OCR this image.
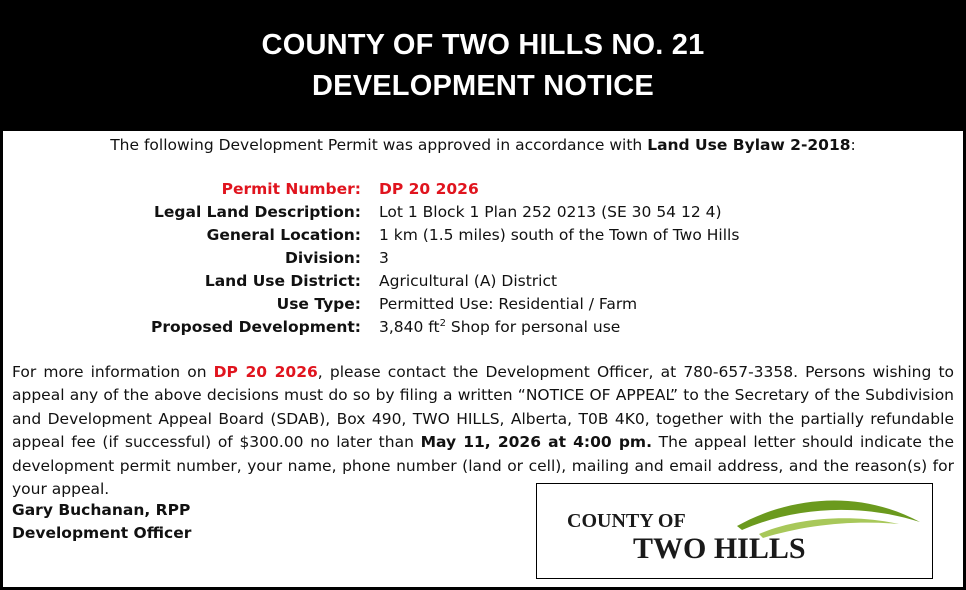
COUNTY OF TWO HILLS NO. 21
DEVELOPMENT NOTICE
The following Development Permit was approved in accordance with Land Use Bylaw 2-2018:
Permit Number: DP 20 2026
Legal Land Description: Lot 1 Block 1 Plan 252 0213 (SE 30 54 12 4)
General Location: 1 km (1.5 miles) south of the Town of Two Hills
Division: 3
Land Use District: Agricultural (A) District
Use Type: Permitted Use: Residential / Farm
Proposed Development: 3,840 $ft^2$ Shop for personal use
For more information on DP 20 2026, please contact the Development Officer, at 780-657-3358. Persons wishing to appeal any of the above decisions must do so by filing a written “NOTICE OF APPEAL” to the Secretary of the Subdivision and Development Appeal Board (SDAB), Box 490, TWO HILLS, Alberta, T0B 4K0, together with the partially refundable appeal fee (if successful) of $300.00 no later than May 11, 2026 at 4:00 pm. The appeal letter should indicate the development permit number, your name, phone number (land or cell), mailing and email address, and the reason(s) for your appeal.
Gary Buchanan, RPP
Development Officer
COUNTY OF
TWO HILLS
